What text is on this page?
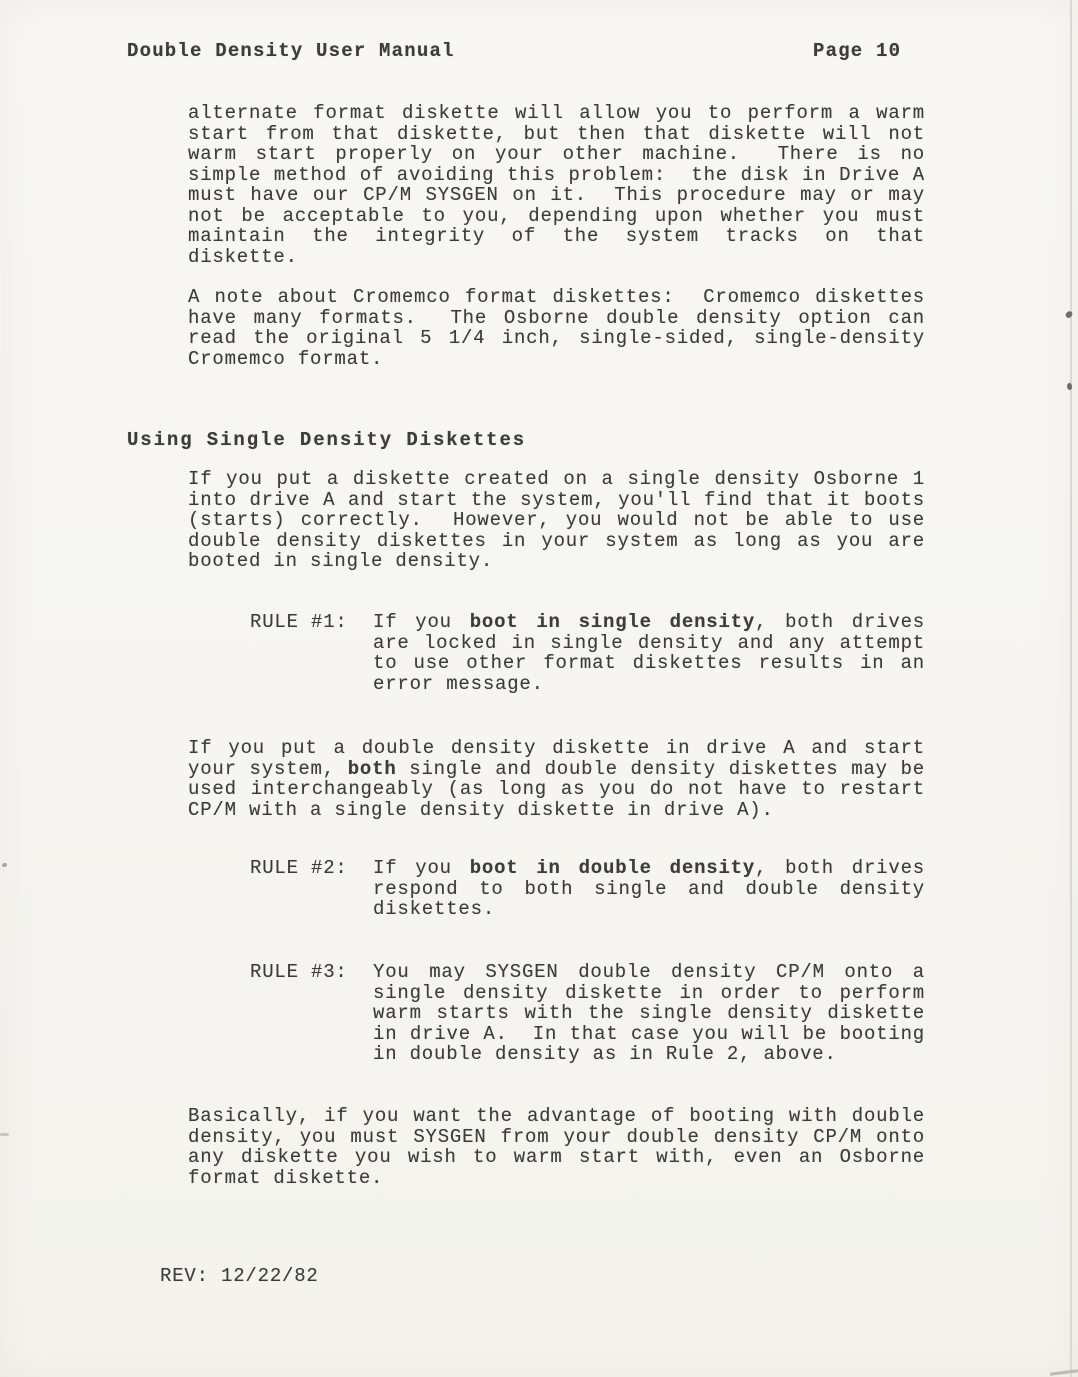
Double Density User Manual	Page 10
alternate format diskette will allow you to perform a warm
start from that diskette, but then that diskette will not
warm start properly on your other machine.  There is no
simple method of avoiding this problem:  the disk in Drive A
must have our CP/M SYSGEN on it.  This procedure may or may
not be acceptable to you, depending upon whether you must
maintain the integrity of the system tracks on that
diskette.
A note about Cromemco format diskettes:  Cromemco diskettes
have many formats.  The Osborne double density option can
read the original 5 1/4 inch, single-sided, single-density
Cromemco format.
Using Single Density Diskettes
If you put a diskette created on a single density Osborne 1
into drive A and start the system, you'll find that it boots
(starts) correctly.  However, you would not be able to use
double density diskettes in your system as long as you are
booted in single density.
RULE #1:	If you boot in single density, both drives
are locked in single density and any attempt
to use other format diskettes results in an
error message.
If you put a double density diskette in drive A and start
your system, both single and double density diskettes may be
used interchangeably (as long as you do not have to restart
CP/M with a single density diskette in drive A).
RULE #2:	If you boot in double density, both drives
respond to both single and double density
diskettes.
RULE #3:	You may SYSGEN double density CP/M onto a
single density diskette in order to perform
warm starts with the single density diskette
in drive A.  In that case you will be booting
in double density as in Rule 2, above.
Basically, if you want the advantage of booting with double
density, you must SYSGEN from your double density CP/M onto
any diskette you wish to warm start with, even an Osborne
format diskette.
REV: 12/22/82
